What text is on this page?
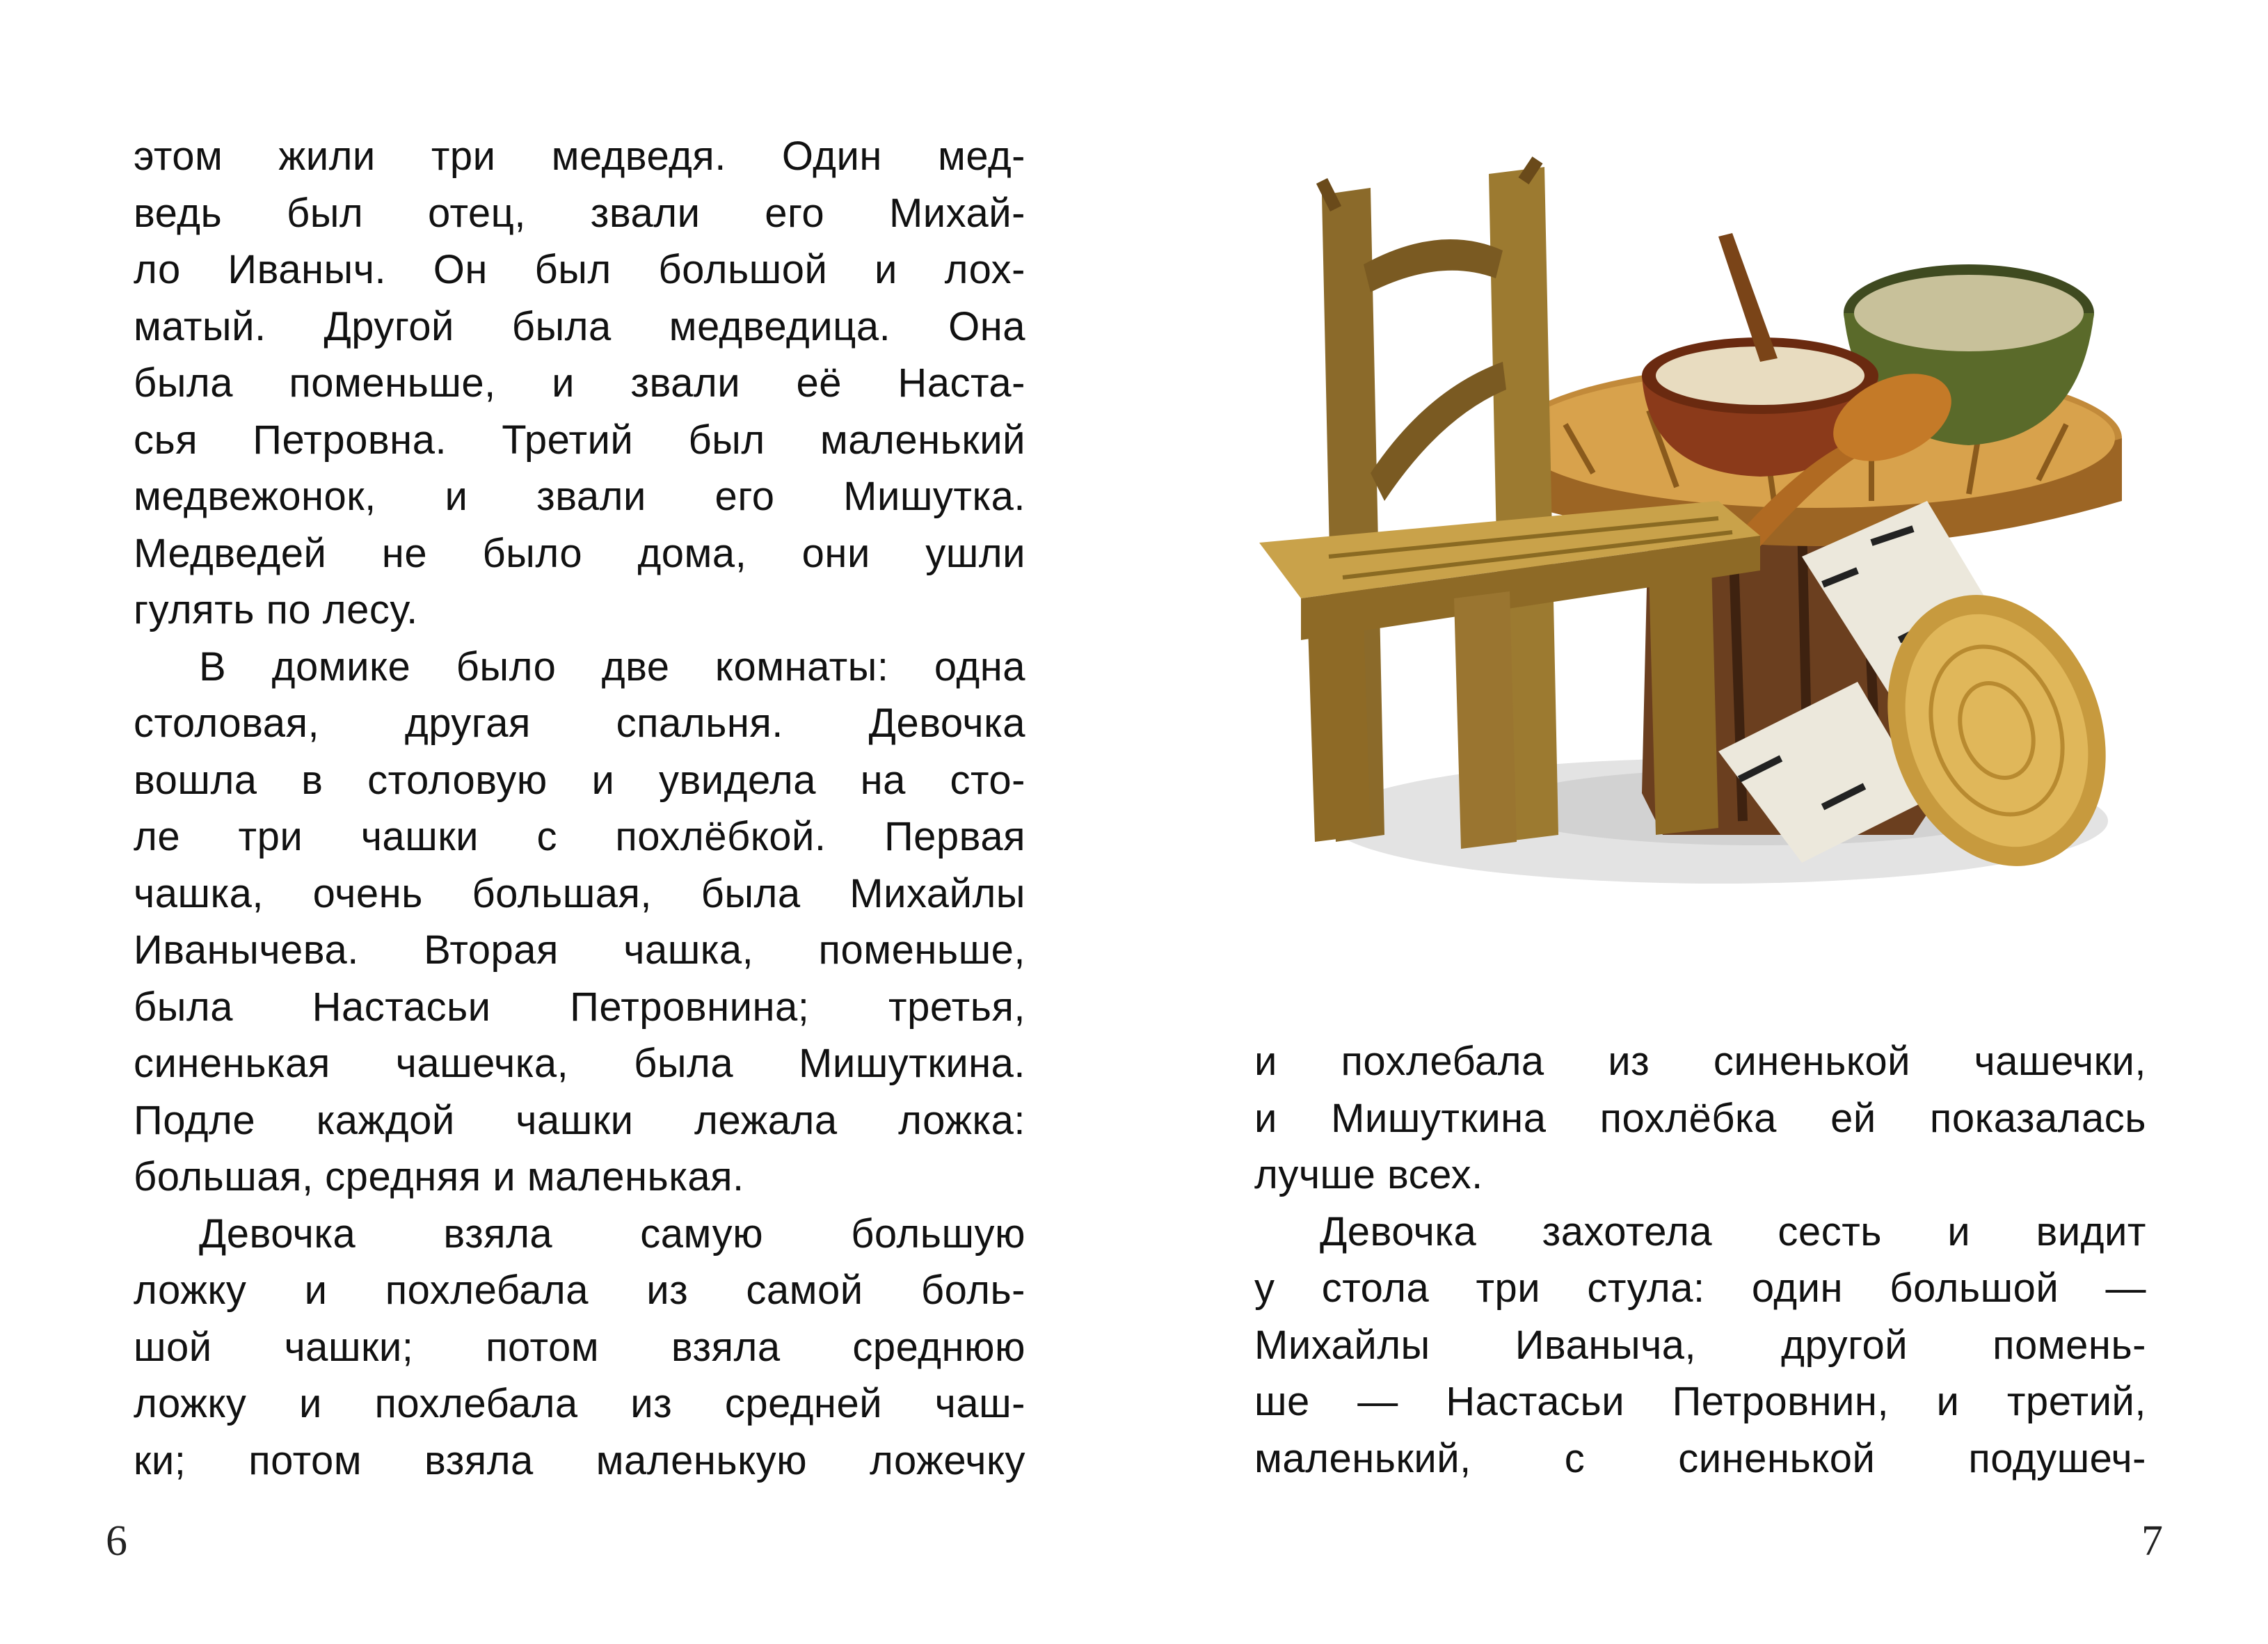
этом жили три медведя. Один мед-
ведь был отец, звали его Михай-
ло Иваныч. Он был большой и лох-
матый. Другой была медведица. Она
была поменьше, и звали её Наста-
сья Петровна. Третий был маленький
медвежонок, и звали его Мишутка.
Медведей не было дома, они ушли
гулять по лесу.
В домике было две комнаты: одна
столовая, другая спальня. Девочка
вошла в столовую и увидела на сто-
ле три чашки с похлёбкой. Первая
чашка, очень большая, была Михайлы
Иванычева. Вторая чашка, поменьше,
была Настасьи Петровнина; третья,
синенькая чашечка, была Мишуткина.
Подле каждой чашки лежала ложка:
большая, средняя и маленькая.
Девочка взяла самую большую
ложку и похлебала из самой боль-
шой чашки; потом взяла среднюю
ложку и похлебала из средней чаш-
ки; потом взяла маленькую ложечку
6
и похлебала из синенькой чашечки,
и Мишуткина похлёбка ей показалась
лучше всех.
Девочка захотела сесть и видит
у стола три стула: один большой —
Михайлы Иваныча, другой помень-
ше — Настасьи Петровнин, и третий,
маленький, с синенькой подушеч-
7
